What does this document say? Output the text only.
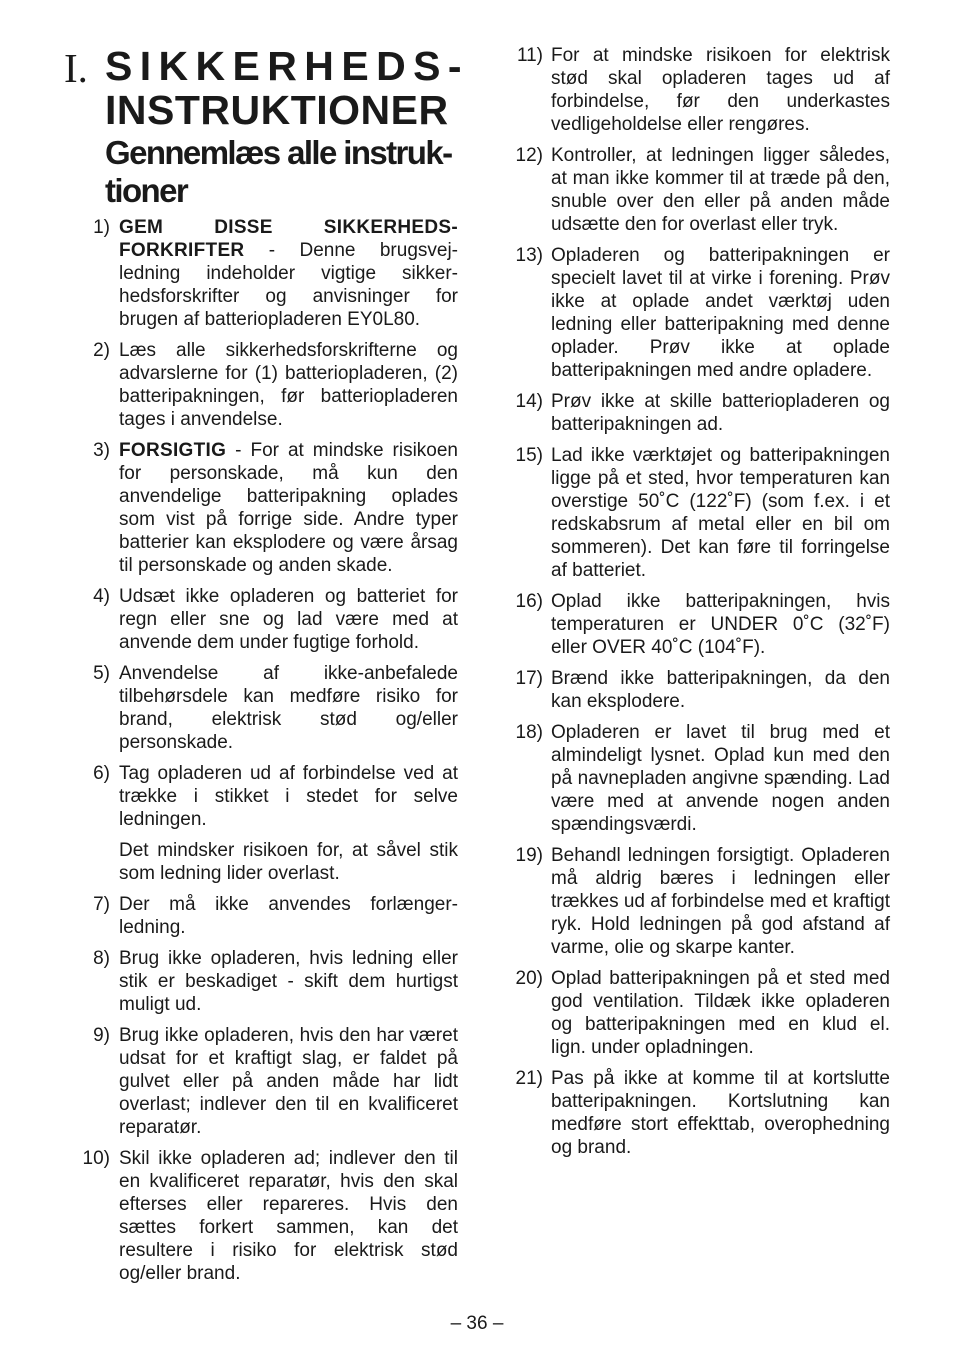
I. SIKKERHEDS-
INSTRUKTIONER
Gennemlæs alle instruk-tioner
1) GEM DISSE SIKKERHEDS-FORKRIFTER - Denne brugsvej-ledning indeholder vigtige sikker-hedsforskrifter og anvisninger for brugen af batteriopladeren EY0L80.
2) Læs alle sikkerhedsforskrifterne og advarslerne for (1) batteriopladeren, (2) batteripakningen, før batteriopladeren tages i anvendelse.
3) FORSIGTIG - For at mindske risikoen for personskade, må kun den anvendelige batteripakning oplades som vist på forrige side. Andre typer batterier kan eksplodere og være årsag til personskade og anden skade.
4) Udsæt ikke opladeren og batteriet for regn eller sne og lad være med at anvende dem under fugtige forhold.
5) Anvendelse af ikke-anbefalede tilbehørsdele kan medføre risiko for brand, elektrisk stød og/eller personskade.
6) Tag opladeren ud af forbindelse ved at trække i stikket i stedet for selve ledningen.
Det mindsker risikoen for, at såvel stik som ledning lider overlast.
7) Der må ikke anvendes forlænger-ledning.
8) Brug ikke opladeren, hvis ledning eller stik er beskadiget - skift dem hurtigst muligt ud.
9) Brug ikke opladeren, hvis den har været udsat for et kraftigt slag, er faldet på gulvet eller på anden måde har lidt overlast; indlever den til en kvalificeret reparatør.
10) Skil ikke opladeren ad; indlever den til en kvalificeret reparatør, hvis den skal efterses eller repareres. Hvis den sættes forkert sammen, kan det resultere i risiko for elektrisk stød og/eller brand.
11) For at mindske risikoen for elektrisk stød skal opladeren tages ud af forbindelse, før den underkastes vedligeholdelse eller rengøres.
12) Kontroller, at ledningen ligger således, at man ikke kommer til at træde på den, snuble over den eller på anden måde udsætte den for overlast eller tryk.
13) Opladeren og batteripakningen er specielt lavet til at virke i forening. Prøv ikke at oplade andet værktøj uden ledning eller batteripakning med denne oplader. Prøv ikke at oplade batteripakningen med andre opladere.
14) Prøv ikke at skille batteriopladeren og batteripakningen ad.
15) Lad ikke værktøjet og batteripakningen ligge på et sted, hvor temperaturen kan overstige 50˚C (122˚F) (som f.ex. i et redskabsrum af metal eller en bil om sommeren). Det kan føre til forringelse af batteriet.
16) Oplad ikke batteripakningen, hvis temperaturen er UNDER 0˚C (32˚F) eller OVER 40˚C (104˚F).
17) Brænd ikke batteripakningen, da den kan eksplodere.
18) Opladeren er lavet til brug med et almindeligt lysnet. Oplad kun med den på navnepladen angivne spænding. Lad være med at anvende nogen anden spændingsværdi.
19) Behandl ledningen forsigtigt. Opladeren må aldrig bæres i ledningen eller trækkes ud af forbindelse med et kraftigt ryk. Hold ledningen på god afstand af varme, olie og skarpe kanter.
20) Oplad batteripakningen på et sted med god ventilation. Tildæk ikke opladeren og batteripakningen med en klud el. lign. under opladningen.
21) Pas på ikke at komme til at kortslutte batteripakningen. Kortslutning kan medføre stort effekttab, overophedning og brand.
– 36 –
